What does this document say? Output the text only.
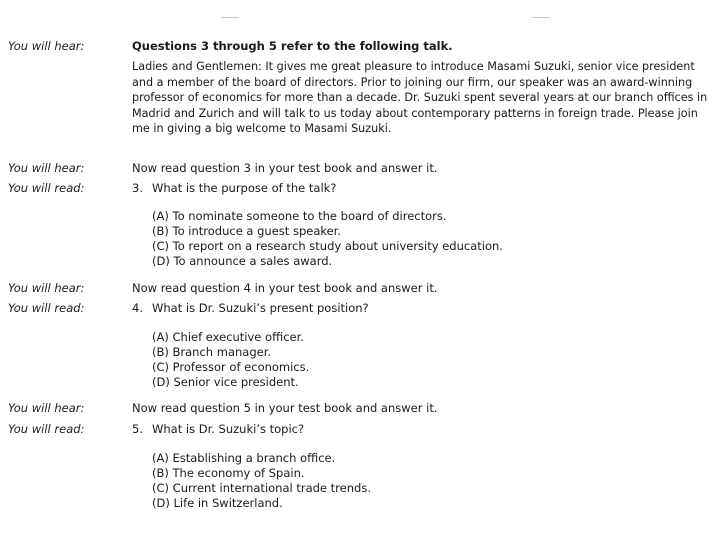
You will hear:	Questions 3 through 5 refer to the following talk.
Ladies and Gentlemen: It gives me great pleasure to introduce Masami Suzuki, senior vice president and a member of the board of directors. Prior to joining our firm, our speaker was an award-winning professor of economics for more than a decade. Dr. Suzuki spent several years at our branch offices in Madrid and Zurich and will talk to us today about contemporary patterns in foreign trade. Please join me in giving a big welcome to Masami Suzuki.
You will hear:	Now read question 3 in your test book and answer it.
You will read:	3. What is the purpose of the talk?
(A) To nominate someone to the board of directors.
(B) To introduce a guest speaker.
(C) To report on a research study about university education.
(D) To announce a sales award.
You will hear:	Now read question 4 in your test book and answer it.
You will read:	4. What is Dr. Suzuki’s present position?
(A) Chief executive officer.
(B) Branch manager.
(C) Professor of economics.
(D) Senior vice president.
You will hear:	Now read question 5 in your test book and answer it.
You will read:	5. What is Dr. Suzuki’s topic?
(A) Establishing a branch office.
(B) The economy of Spain.
(C) Current international trade trends.
(D) Life in Switzerland.
